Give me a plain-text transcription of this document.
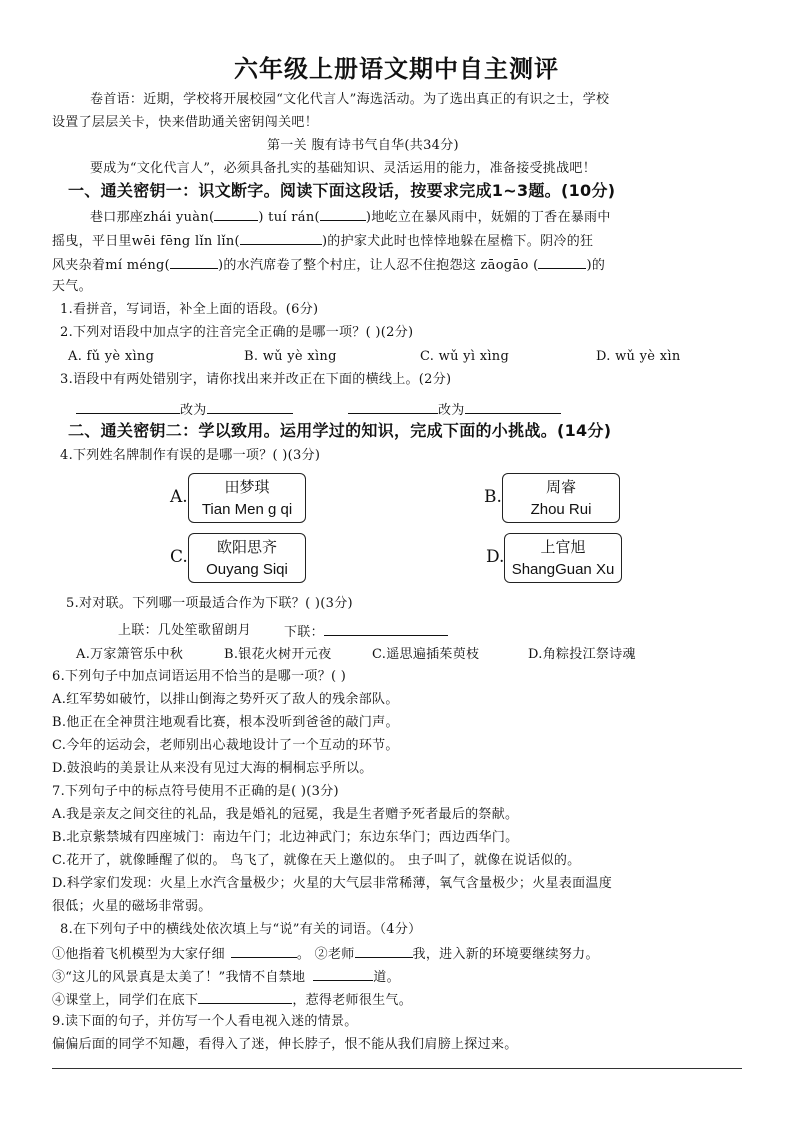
六年级上册语文期中自主测评
卷首语：近期，学校将开展校园“文化代言人”海选活动。为了选出真正的有识之士，学校
设置了层层关卡，快来借助通关密钥闯关吧！
第一关 腹有诗书气自华(共34分)
要成为“文化代言人”，必须具备扎实的基础知识、灵活运用的能力，准备接受挑战吧！
一、通关密钥一：识文断字。阅读下面这段话，按要求完成1~3题。(10分)
巷口那座zhái yuàn(	) tuí rán(	)地屹立在暴风雨中，妩媚的丁香在暴雨中
摇曳，平日里wēi fēng lǐn lǐn(	)的护家犬此时也悻悻地躲在屋檐下。阴冷的狂
风夹杂着mí méng(	)的水汽席卷了整个村庄，让人忍不住抱怨这 zāogāo (	)的
天气。
1.看拼音，写词语，补全上面的语段。(6分)
2.下列对语段中加点字的注音完全正确的是哪一项？( )(2分)
A. fǔ yè xìng	B. wǔ yè xìng	C. wǔ yì xìng	D. wǔ yè xìn
3.语段中有两处错别字，请你找出来并改正在下面的横线上。(2分)
改为	改为
二、通关密钥二：学以致用。运用学过的知识，完成下面的小挑战。(14分)
4.下列姓名牌制作有误的是哪一项？( )(3分)
A.	田梦琪
Tian Men g qi
B.	周睿
Zhou Rui
C.	欧阳思齐
Ouyang Siqi
D.	上官旭
ShangGuan Xu
5.对对联。下列哪一项最适合作为下联？( )(3分)
上联：几处笙歌留朗月	下联：
A.万家箫管乐中秋	B.银花火树开元夜	C.遥思遍插茱萸枝	D.角粽投江祭诗魂
6.下列句子中加点词语运用不恰当的是哪一项？( )
A.红军势如破竹，以排山倒海之势歼灭了敌人的残余部队。
B.他正在全神贯注地观看比赛，根本没听到爸爸的敲门声。
C.今年的运动会，老师别出心裁地设计了一个互动的环节。
D.鼓浪屿的美景让从来没有见过大海的桐桐忘乎所以。
7.下列句子中的标点符号使用不正确的是( )(3分)
A.我是亲友之间交往的礼品，我是婚礼的冠冕，我是生者赠予死者最后的祭献。
B.北京紫禁城有四座城门：南边午门；北边神武门；东边东华门；西边西华门。
C.花开了，就像睡醒了似的。 鸟飞了，就像在天上邀似的。 虫子叫了，就像在说话似的。
D.科学家们发现：火星上水汽含量极少；火星的大气层非常稀薄，氧气含量极少；火星表面温度
很低；火星的磁场非常弱。
8.在下列句子中的横线处依次填上与“说”有关的词语。（4分）
①他指着飞机模型为大家仔细	。 ②老师	我，进入新的环境要继续努力。
③“这儿的风景真是太美了！”我情不自禁地	道。
④课堂上，同学们在底下	，惹得老师很生气。
9.读下面的句子，并仿写一个人看电视入迷的情景。
偏偏后面的同学不知趣，看得入了迷，伸长脖子，恨不能从我们肩膀上探过来。
